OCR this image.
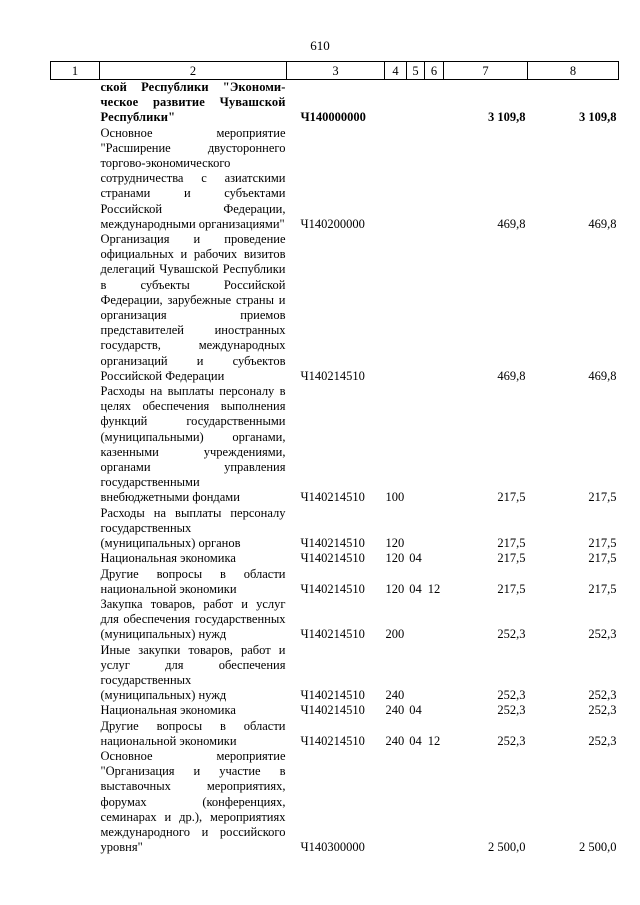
610
1	2	3	4	5	6	7	8
	ской Республики "Экономи-ческое развитие Чувашской Республики"	Ч140000000				3 109,8	3 109,8
	Основное мероприятие "Расширение двустороннего торгово-экономического сотрудничества с азиатскими странами и субъектами Российской Федерации, международными организациями"	Ч140200000				469,8	469,8
	Организация и проведение официальных и рабочих визитов делегаций Чувашской Республики в субъекты Российской Федерации, зарубежные страны и организация приемов представителей иностранных государств, международных организаций и субъектов Российской Федерации	Ч140214510				469,8	469,8
	Расходы на выплаты персоналу в целях обеспечения выполнения функций государственными (муниципальными) органами, казенными учреждениями, органами управления государственными внебюджетными фондами	Ч140214510	100			217,5	217,5
	Расходы на выплаты персоналу государственных (муниципальных) органов	Ч140214510	120			217,5	217,5
	Национальная экономика	Ч140214510	120	04		217,5	217,5
	Другие вопросы в области национальной экономики	Ч140214510	120	04	12	217,5	217,5
	Закупка товаров, работ и услуг для обеспечения государственных (муниципальных) нужд	Ч140214510	200			252,3	252,3
	Иные закупки товаров, работ и услуг для обеспечения государственных (муниципальных) нужд	Ч140214510	240			252,3	252,3
	Национальная экономика	Ч140214510	240	04		252,3	252,3
	Другие вопросы в области национальной экономики	Ч140214510	240	04	12	252,3	252,3
	Основное мероприятие "Организация и участие в выставочных мероприятиях, форумах (конференциях, семинарах и др.), мероприятиях международного и российского уровня"	Ч140300000				2 500,0	2 500,0
